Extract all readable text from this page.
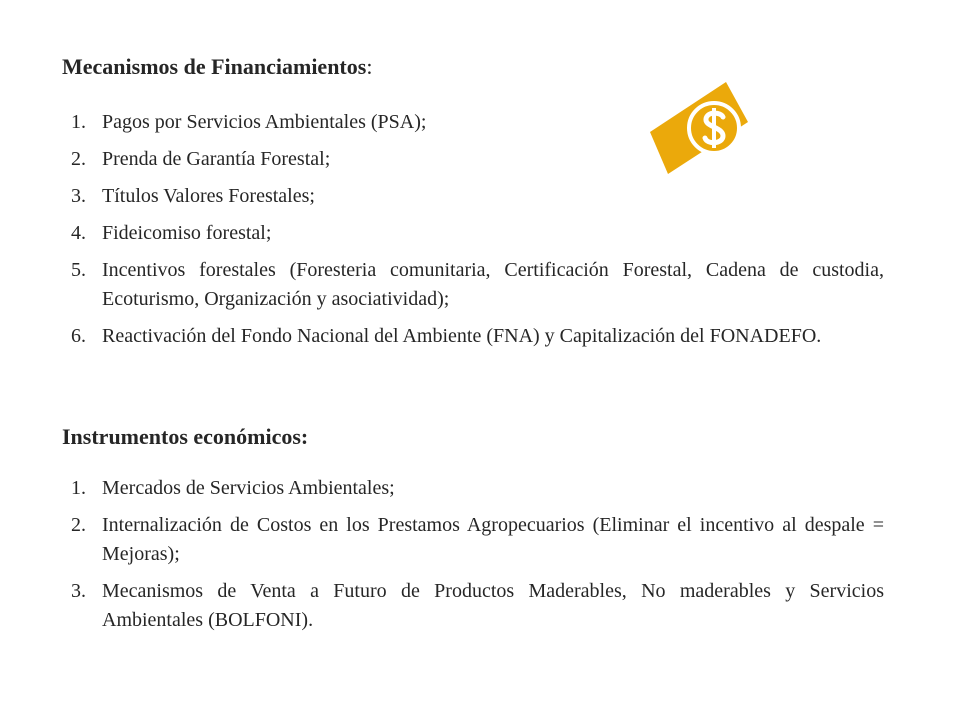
Mecanismos de Financiamientos:
1. Pagos por Servicios Ambientales (PSA);
2. Prenda de Garantía Forestal;
3. Títulos Valores Forestales;
4. Fideicomiso forestal;
5. Incentivos forestales (Foresteria comunitaria, Certificación Forestal, Cadena de custodia, Ecoturismo, Organización y asociatividad);
6. Reactivación del Fondo Nacional del Ambiente (FNA) y Capitalización del FONADEFO.
Instrumentos económicos:
1. Mercados de Servicios Ambientales;
2. Internalización de Costos en los Prestamos Agropecuarios (Eliminar el incentivo al despale = Mejoras);
3. Mecanismos de Venta a Futuro de Productos Maderables, No maderables y Servicios Ambientales (BOLFONI).
